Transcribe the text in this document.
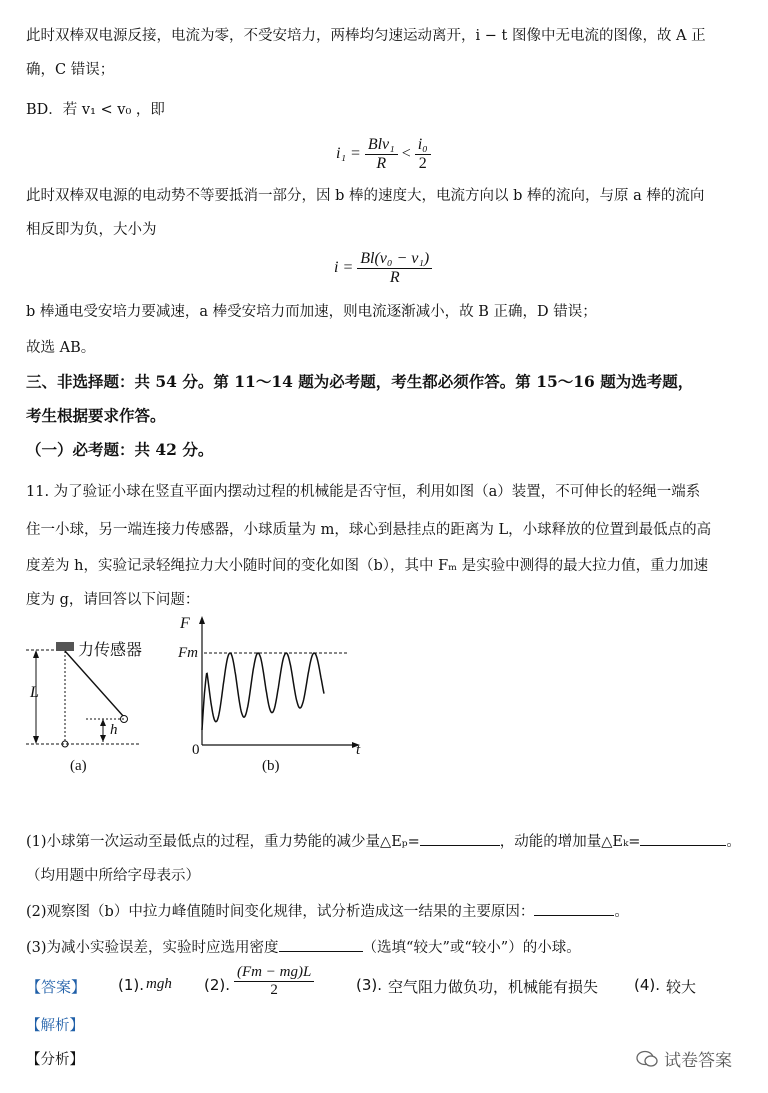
此时双棒双电源反接，电流为零，不受安培力，两棒均匀速运动离开，i − t 图像中无电流的图像，故 A 正
确，C 错误；
BD．若 v₁ < v₀ ，即
$i_1 = \frac{\text{Blv₁}}{R} < \frac{\text{i₀}}{2}$
此时双棒双电源的电动势不等要抵消一部分，因 b 棒的速度大，电流方向以 b 棒的流向，与原 a 棒的流向
相反即为负，大小为
$i = \frac{\text{Bl(v₀ − v₁)}}{R}$
b 棒通电受安培力要减速，a 棒受安培力而加速，则电流逐渐减小，故 B 正确，D 错误；
故选 AB。
三、非选择题：共 54 分。第 11～14 题为必考题，考生都必须作答。第 15～16 题为选考题，
考生根据要求作答。
（一）必考题：共 42 分。
11. 为了验证小球在竖直平面内摆动过程的机械能是否守恒，利用如图（a）装置，不可伸长的轻绳一端系
住一小球，另一端连接力传感器，小球质量为 m，球心到悬挂点的距离为 L，小球释放的位置到最低点的高
度差为 h，实验记录轻绳拉力大小随时间的变化如图（b），其中 Fₘ 是实验中测得的最大拉力值，重力加速
度为 g，请回答以下问题：
力传感器
L
h
(a)
F
Fm
0	t
(b)
(1)小球第一次运动至最低点的过程，重力势能的减少量△Eₚ=	，动能的增加量△Eₖ=	。
（均用题中所给字母表示）
(2)观察图（b）中拉力峰值随时间变化规律，试分析造成这一结果的主要原因：	。
(3)为减小实验误差，实验时应选用密度	（选填“较大”或“较小”）的小球。
【答案】 (1). mgh (2). $\frac{(Fm - mg)L}{2}$	(3). 空气阻力做负功，机械能有损失 (4). 较大
【解析】
【分析】	试卷答案
